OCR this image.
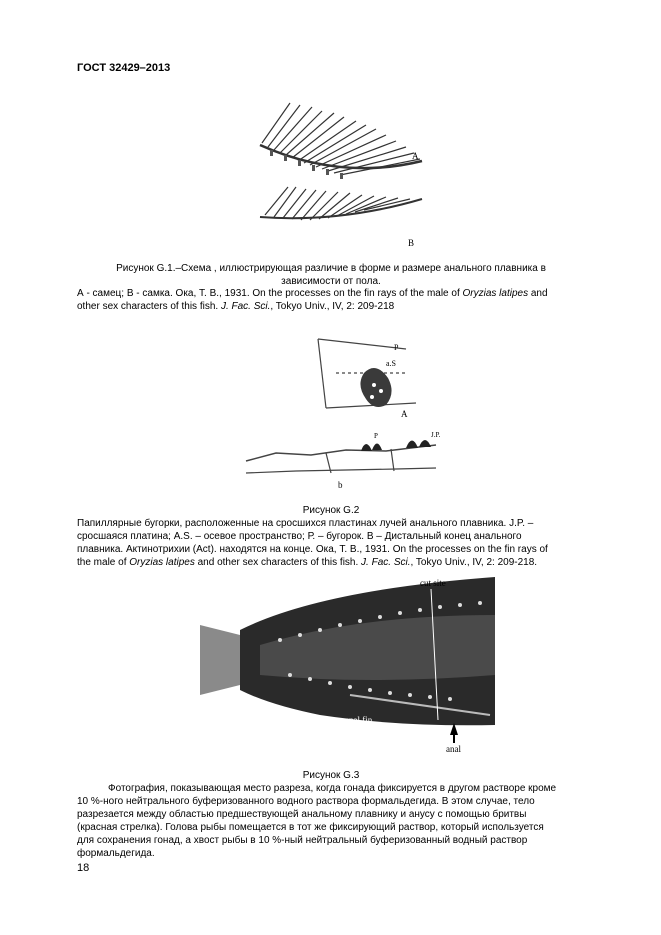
ГОСТ 32429–2013
A
B
Рисунок G.1.–Схема , иллюстрирующая различие в форме и размере анального плавника в
зависимости от пола.
А - самец; В - самка. Ока, Т. В., 1931. On the processes on the fin rays of the male of Oryzias latipes and
other sex characters of this fish. J. Fac. Sci., Tokyo Univ., IV, 2: 209-218
P
a.S
A
P	J.P.
b
Рисунок G.2
Папиллярные бугорки, расположенные на сросшихся пластинах лучей анального плавника. J.P. –
сросшаяся платина; A.S. – осевое пространство; Р. – бугорок. В – Дистальный конец анального
плавника. Актинотрихии (Act). находятся на конце. Ока, Т. В., 1931. On the processes on the fin rays of
the male of Oryzias latipes and other sex characters of this fish. J. Fac. Sci., Tokyo Univ., IV, 2: 209-218.
cut site
anal fin
anal
Рисунок G.3
Фотография, показывающая место разреза, когда гонада фиксируется в другом растворе кроме
10 %-ного нейтрального буферизованного водного раствора формальдегида. В этом случае, тело
разрезается между областью предшествующей анальному плавнику и анусу с помощью бритвы
(красная стрелка). Голова рыбы помещается в тот же фиксирующий раствор, который используется
для сохранения гонад, а хвост рыбы в 10 %-ный нейтральный буферизованный водный раствор
формальдегида.
18
